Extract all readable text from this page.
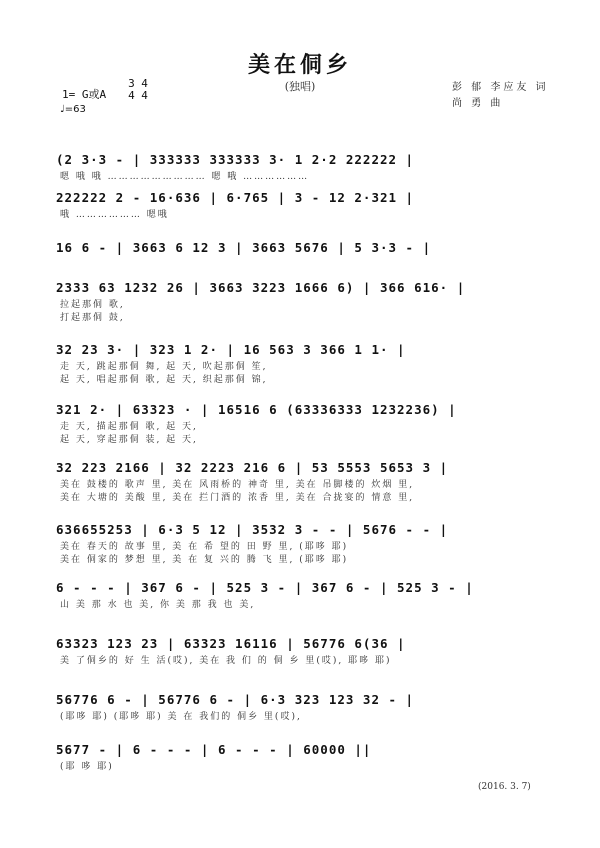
美在侗乡
(独唱)
1= G或A
3 4
4 4
♩=63
彭 郁 李应友 词
尚 勇 曲
(2 3·3 - | 333333 333333 3· 1 2·2 222222 |
嗯 哦 哦 ……………………… 嗯 哦 ………………
222222 2 - 16·636 | 6·765 | 3 - 12 2·321 |
哦 ……………… 嗯哦
16 6 - | 3663 6 12 3 | 3663 5676 | 5 3·3 - |
2333 63 1232 26 | 3663 3223 1666 6) | 366 616· |
拉起那侗 歌,
打起那侗 鼓,
32 23 3· | 323 1 2· | 16 563 3 366 1 1· |
走 天, 跳起那侗 舞, 起 天, 吹起那侗 笙,
起 天, 唱起那侗 歌, 起 天, 织起那侗 锦,
321 2· | 63323 · | 16516 6 (63336333 1232236) |
走 天, 描起那侗 歌, 起 天,
起 天, 穿起那侗 装, 起 天,
32 223 2166 | 32 2223 216 6 | 53 5553 5653 3 |
美在 鼓楼的 歌声 里, 美在 风雨桥的 神奇 里, 美在 吊脚楼的 炊烟 里,
美在 大塘的 美酸 里, 美在 拦门酒的 浓香 里, 美在 合拢宴的 情意 里,
636655253 | 6·3 5 12 | 3532 3 - - | 5676 - - |
美在 春天的 故事 里, 美 在 希 望的 田 野 里, (耶哆 耶)
美在 侗家的 梦想 里, 美 在 复 兴的 腾 飞 里, (耶哆 耶)
6 - - - | 367 6 - | 525 3 - | 367 6 - | 525 3 - |
山 美 那 水 也 美, 你 美 那 我 也 美,
63323 123 23 | 63323 16116 | 56776 6(36 |
美 了侗乡的 好 生 活(哎), 美在 我 们 的 侗 乡 里(哎), 耶哆 耶)
56776 6 - | 56776 6 - | 6·3 323 123 32 - |
(耶哆 耶) (耶哆 耶) 美 在 我们的 侗乡 里(哎),
5677 - | 6 - - - | 6 - - - | 60000 ||
(耶 哆 耶)
(2016. 3. 7)
